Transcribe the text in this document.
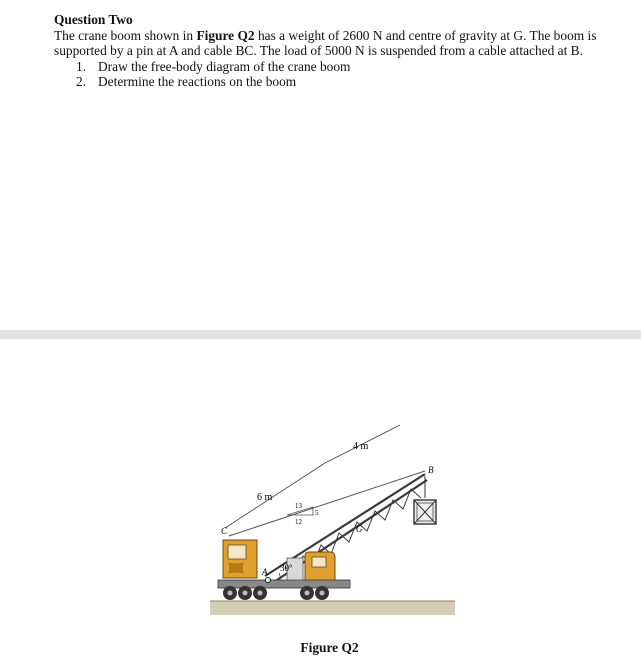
Question Two
The crane boom shown in Figure Q2 has a weight of 2600 N and centre of gravity at G. The boom is supported by a pin at A and cable BC. The load of 5000 N is suspended from a cable attached at B.
1. Draw the free-body diagram of the crane boom
2. Determine the reactions on the boom
6 m
4 m
13
5
12
B
C	G
A 30°
Figure Q2
